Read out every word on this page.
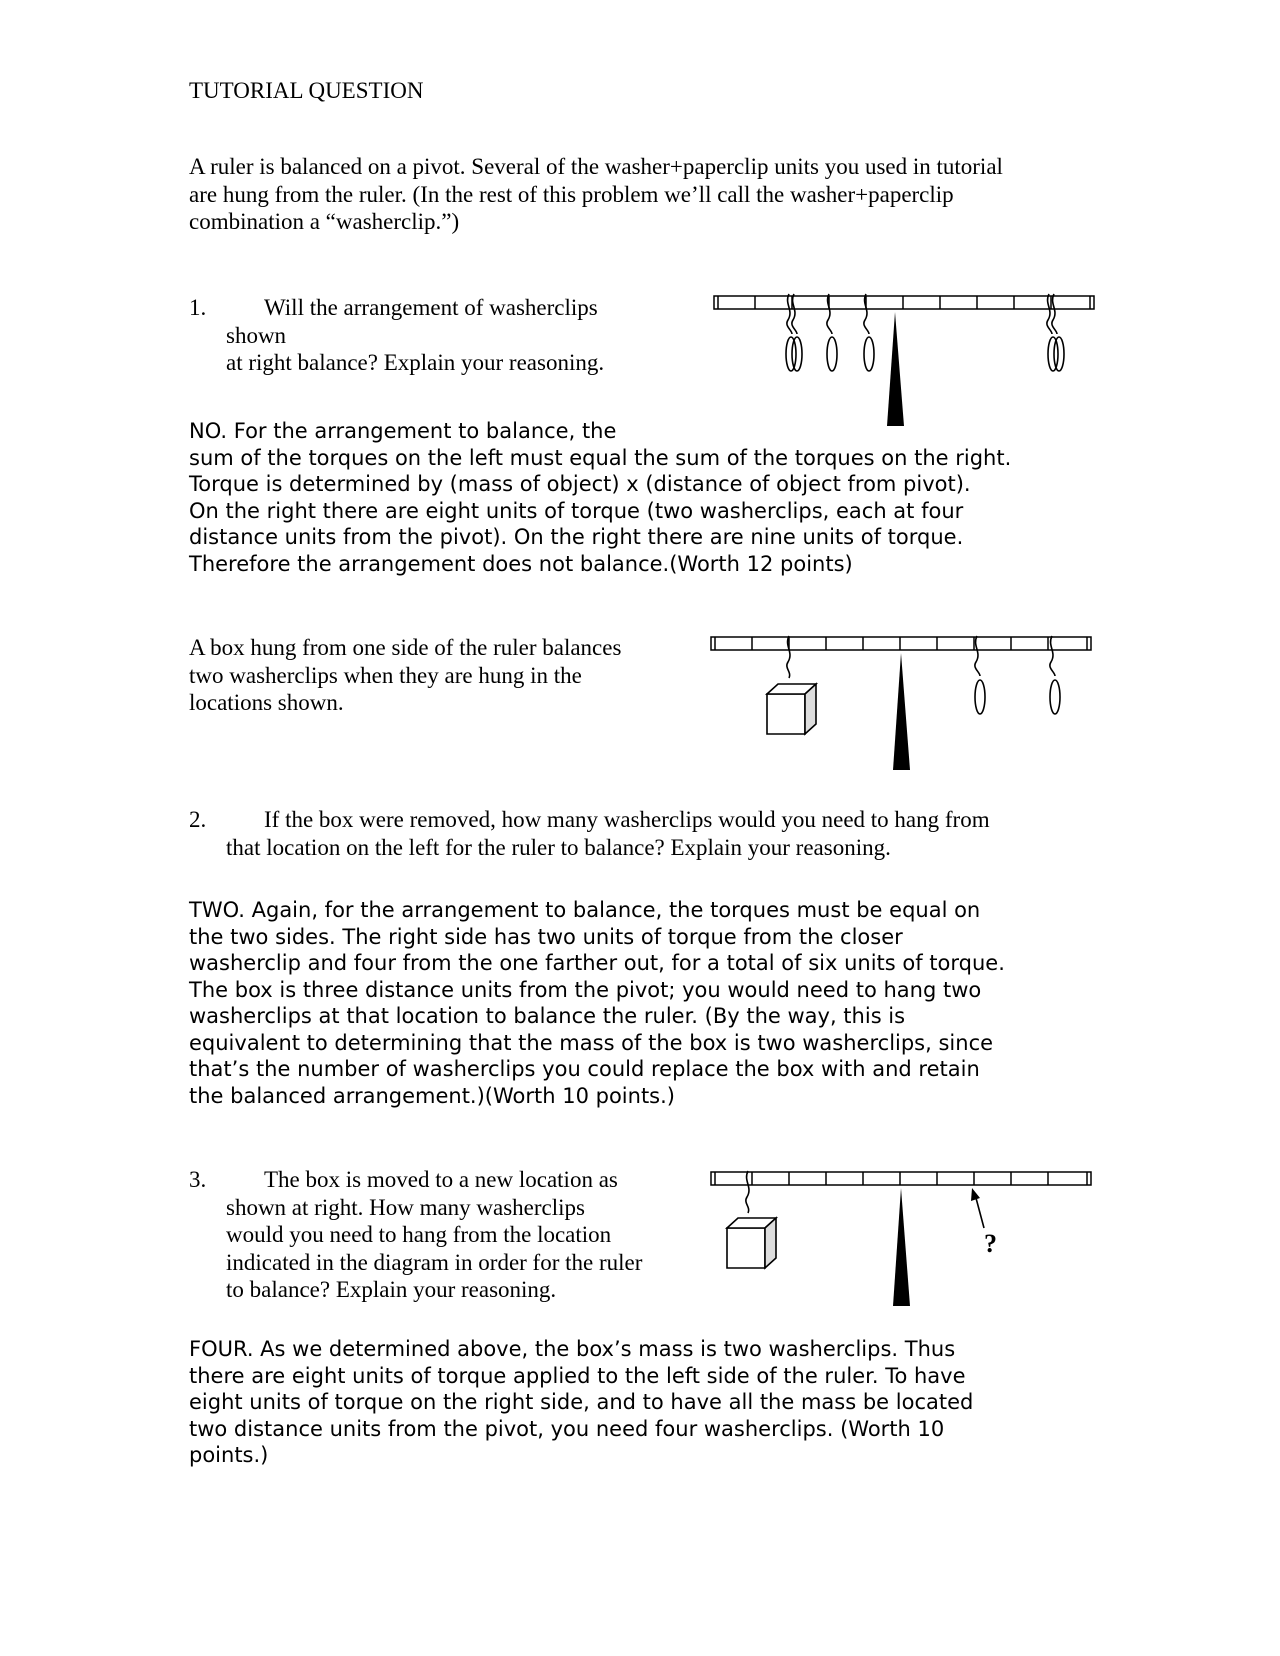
TUTORIAL QUESTION
A ruler is balanced on a pivot. Several of the washer+paperclip units you used in tutorial
are hung from the ruler. (In the rest of this problem we’ll call the washer+paperclip
combination a “washerclip.”)
1.	Will the arrangement of washerclips
shown
at right balance? Explain your reasoning.
NO. For the arrangement to balance, the
sum of the torques on the left must equal the sum of the torques on the right.
Torque is determined by (mass of object) x (distance of object from pivot).
On the right there are eight units of torque (two washerclips, each at four
distance units from the pivot). On the right there are nine units of torque.
Therefore the arrangement does not balance.(Worth 12 points)
A box hung from one side of the ruler balances
two washerclips when they are hung in the
locations shown.
2.	If the box were removed, how many washerclips would you need to hang from
that location on the left for the ruler to balance? Explain your reasoning.
TWO. Again, for the arrangement to balance, the torques must be equal on
the two sides. The right side has two units of torque from the closer
washerclip and four from the one farther out, for a total of six units of torque.
The box is three distance units from the pivot; you would need to hang two
washerclips at that location to balance the ruler. (By the way, this is
equivalent to determining that the mass of the box is two washerclips, since
that’s the number of washerclips you could replace the box with and retain
the balanced arrangement.)(Worth 10 points.)
3.	The box is moved to a new location as
shown at right. How many washerclips
would you need to hang from the location
indicated in the diagram in order for the ruler
to balance? Explain your reasoning.
?
FOUR. As we determined above, the box’s mass is two washerclips. Thus
there are eight units of torque applied to the left side of the ruler. To have
eight units of torque on the right side, and to have all the mass be located
two distance units from the pivot, you need four washerclips. (Worth 10
points.)
